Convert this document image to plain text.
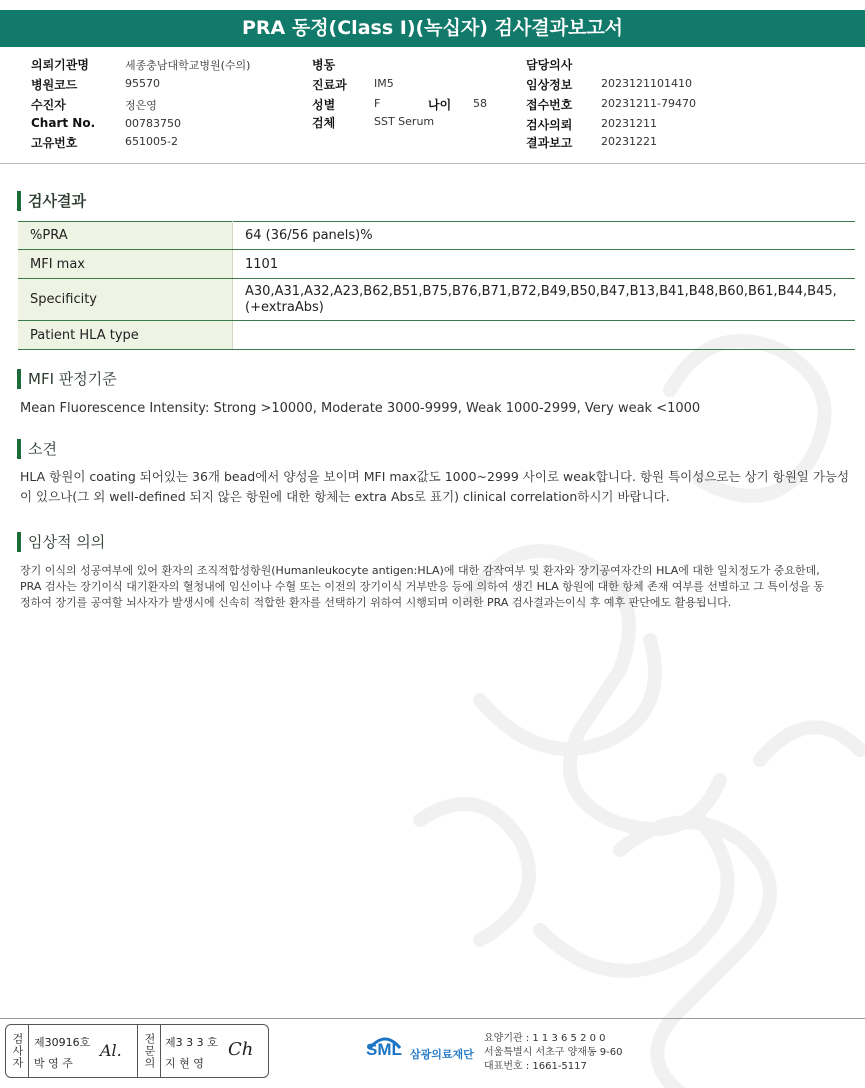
PRA 동정(Class I)(녹십자) 검사결과보고서
의뢰기관명	세종충남대학교병원(수의)
병원코드	95570
수진자	정은영
Chart No.	00783750
고유번호	651005-2
병동
진료과 IM5
성별	F	나이 58
검체	SST Serum
담당의사
임상정보	2023121101410
접수번호	20231211-79470
검사의뢰	20231211
결과보고	20231221
검사결과
%PRA	64 (36/56 panels)%
MFI max	1101
Specificity	A30,A31,A32,A23,B62,B51,B75,B76,B71,B72,B49,B50,B47,B13,B41,B48,B60,B61,B44,B45,(+extraAbs)
Patient HLA type	
MFI 판정기준
Mean Fluorescence Intensity: Strong >10000, Moderate 3000-9999, Weak 1000-2999, Very weak <1000
소견
HLA 항원이 coating 되어있는 36개 bead에서 양성을 보이며 MFI max값도 1000~2999 사이로 weak합니다. 항원 특이성으로는 상기 항원일 가능성이 있으나(그 외 well-defined 되지 않은 항원에 대한 항체는 extra Abs로 표기) clinical correlation하시기 바랍니다.
임상적 의의
장기 이식의 성공여부에 있어 환자의 조직적합성항원(Humanleukocyte antigen:HLA)에 대한 감작여부 및 환자와 장기공여자간의 HLA에 대한 일치정도가 중요한데, PRA 검사는 장기이식 대기환자의 혈청내에 임신이나 수혈 또는 이전의 장기이식 거부반응 등에 의하여 생긴 HLA 항원에 대한 항체 존재 여부를 선별하고 그 특이성을 동정하여 장기를 공여할 뇌사자가 발생시에 신속히 적합한 환자를 선택하기 위하여 시행되며 이러한 PRA 검사결과는이식 후 예후 판단에도 활용됩니다.
검사자 제30916호
박 영 주
Al. 전문의 제3 3 3 호
지 현 영
Ch	SML 삼광의료재단
요양기관 : 1 1 3 6 5 2 0 0
서울특별시 서초구 양재동 9-60
대표번호 : 1661-5117
